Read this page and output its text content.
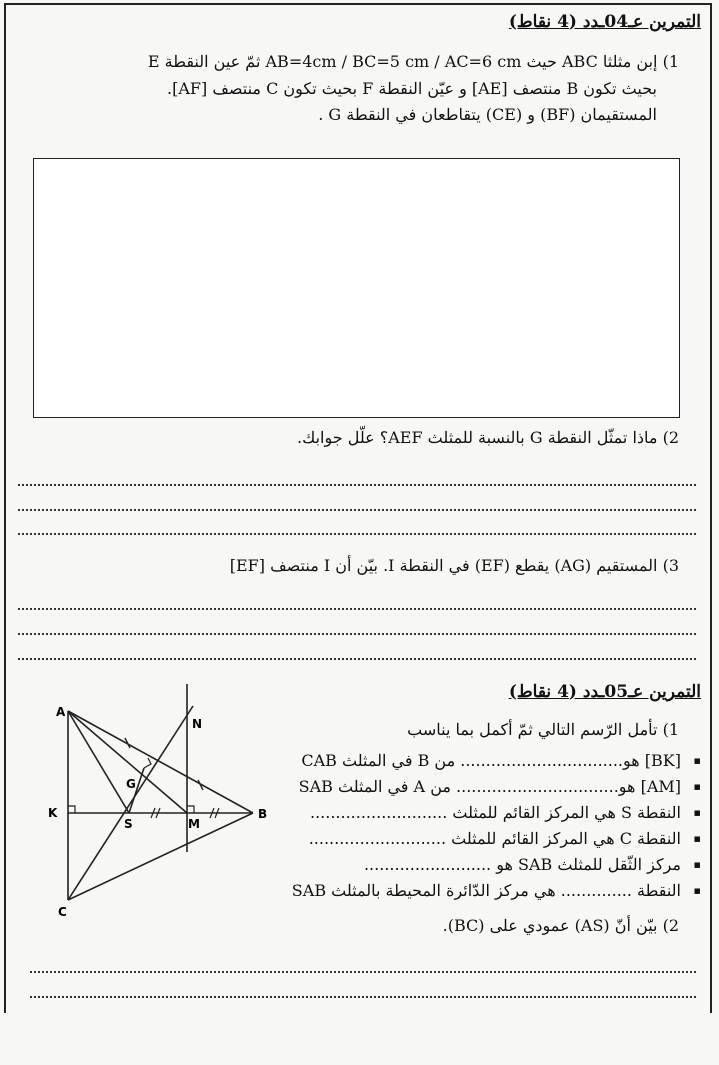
التمرين عـ04ـدد (4 نقاط)
1) إبن مثلثا ABC حيث AB=4cm / BC=5 cm / AC=6 cm ثمّ عين النقطة E
بحيث تكون B منتصف [AE] و عيّن النقطة F بحيث تكون C منتصف [AF].
المستقيمان (BF) و (CE) يتقاطعان في النقطة G .
2) ماذا تمثّل النقطة G بالنسبة للمثلث AEF؟ علّل جوابك.
3) المستقيم (AG) يقطع (EF) في النقطة I. بيّن أن I منتصف [EF]
التمرين عـ05ـدد (4 نقاط)
1) تأمل الرّسم التالي ثمّ أكمل بما يناسب
▪ [BK] هو................................ من B في المثلث CAB
▪ [AM] هو................................ من A في المثلث SAB
▪ النقطة S هي المركز القائم للمثلث ...........................
▪ النقطة C هي المركز القائم للمثلث ...........................
▪ مركز الثّقل للمثلث SAB هو .........................
▪ النقطة .............. هي مركز الدّائرة المحيطة بالمثلث SAB
2) بيّن أنّ (AS) عمودي على (BC).
A
B
C
K
M
S
G
N
